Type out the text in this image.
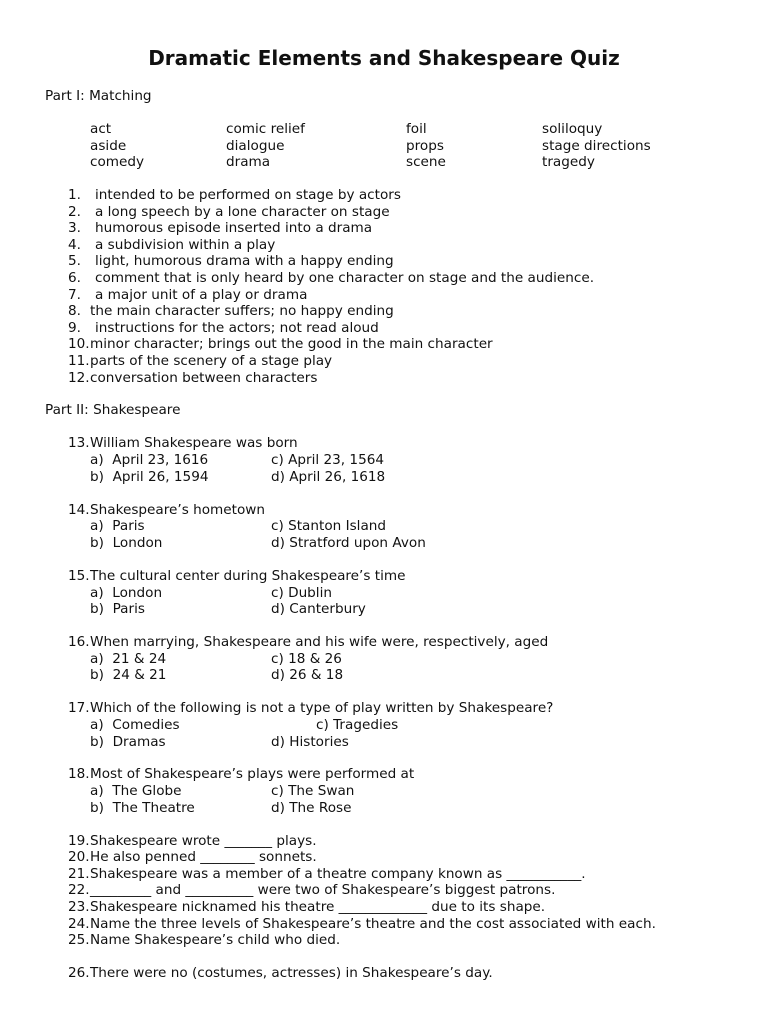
Dramatic Elements and Shakespeare Quiz
Part I: Matching
act	comic relief	foil	soliloquy
aside	dialogue	props	stage directions
comedy	drama	scene	tragedy
1. intended to be performed on stage by actors
2. a long speech by a lone character on stage
3. humorous episode inserted into a drama
4. a subdivision within a play
5. light, humorous drama with a happy ending
6. comment that is only heard by one character on stage and the audience.
7. a major unit of a play or drama
8. the main character suffers; no happy ending
9. instructions for the actors; not read aloud
10. minor character; brings out the good in the main character
11. parts of the scenery of a stage play
12. conversation between characters
Part II: Shakespeare
13. William Shakespeare was born
a)  April 23, 1616	c) April 23, 1564
b)  April 26, 1594	d) April 26, 1618
14. Shakespeare’s hometown
a)  Paris	c) Stanton Island
b)  London	d) Stratford upon Avon
15. The cultural center during Shakespeare’s time
a)  London	c) Dublin
b)  Paris	d) Canterbury
16. When marrying, Shakespeare and his wife were, respectively, aged
a)  21 & 24	c) 18 & 26
b)  24 & 21	d) 26 & 18
17. Which of the following is not a type of play written by Shakespeare?
a)  Comedies	c) Tragedies
b)  Dramas	d) Histories
18. Most of Shakespeare’s plays were performed at
a)  The Globe	c) The Swan
b)  The Theatre	d) The Rose
19. Shakespeare wrote _______ plays.
20. He also penned ________ sonnets.
21. Shakespeare was a member of a theatre company known as ___________.
22. _________ and __________ were two of Shakespeare’s biggest patrons.
23. Shakespeare nicknamed his theatre _____________ due to its shape.
24. Name the three levels of Shakespeare’s theatre and the cost associated with each.
25. Name Shakespeare’s child who died.
26. There were no (costumes, actresses) in Shakespeare’s day.
